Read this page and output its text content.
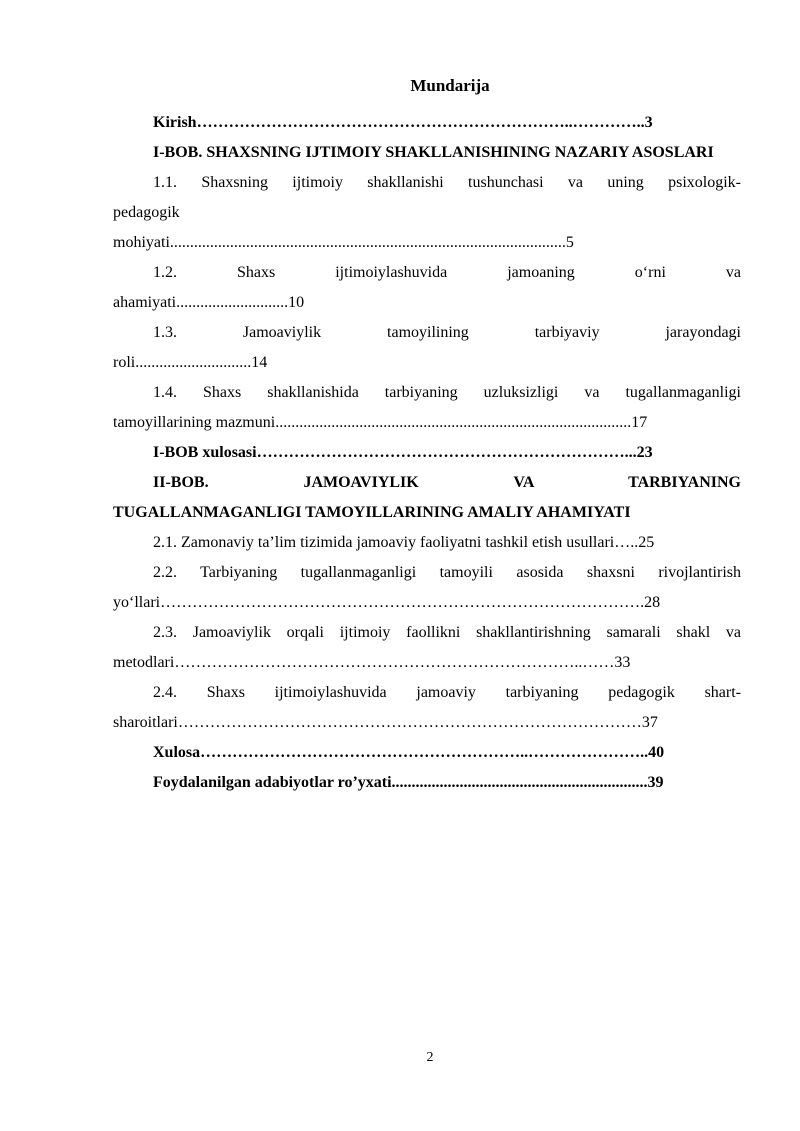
Mundarija
Kirish……………………………………………………………..…………..3
I-BOB. SHAXSNING IJTIMOIY SHAKLLANISHINING NAZARIY ASOSLARI
1.1. Shaxsning ijtimoiy shakllanishi tushunchasi va uning psixologik-
pedagogik
mohiyati...................................................................................................5
1.2. Shaxs ijtimoiylashuvida jamoaning o‘rni va
ahamiyati............................10
1.3. Jamoaviylik tamoyilining tarbiyaviy jarayondagi
roli.............................14
1.4. Shaxs shakllanishida tarbiyaning uzluksizligi va tugallanmaganligi
tamoyillarining mazmuni.........................................................................................17
I-BOB xulosasi……………………………………………………………...23
II-BOB. JAMOAVIYLIK VA TARBIYANING
TUGALLANMAGANLIGI TAMOYILLARINING AMALIY AHAMIYATI
2.1. Zamonaviy ta’lim tizimida jamoaviy faoliyatni tashkil etish usullari…..25
2.2. Tarbiyaning tugallanmaganligi tamoyili asosida shaxsni rivojlantirish
yo‘llari……………………………………………………………………………….28
2.3. Jamoaviylik orqali ijtimoiy faollikni shakllantirishning samarali shakl va
metodlari…………………………………………………………………..……33
2.4. Shaxs ijtimoiylashuvida jamoaviy tarbiyaning pedagogik shart-
sharoitlari……………………………………………………………………………37
Xulosa……………………………………………………..…………………..40
Foydalanilgan adabiyotlar ro’yxati................................................................39
2
